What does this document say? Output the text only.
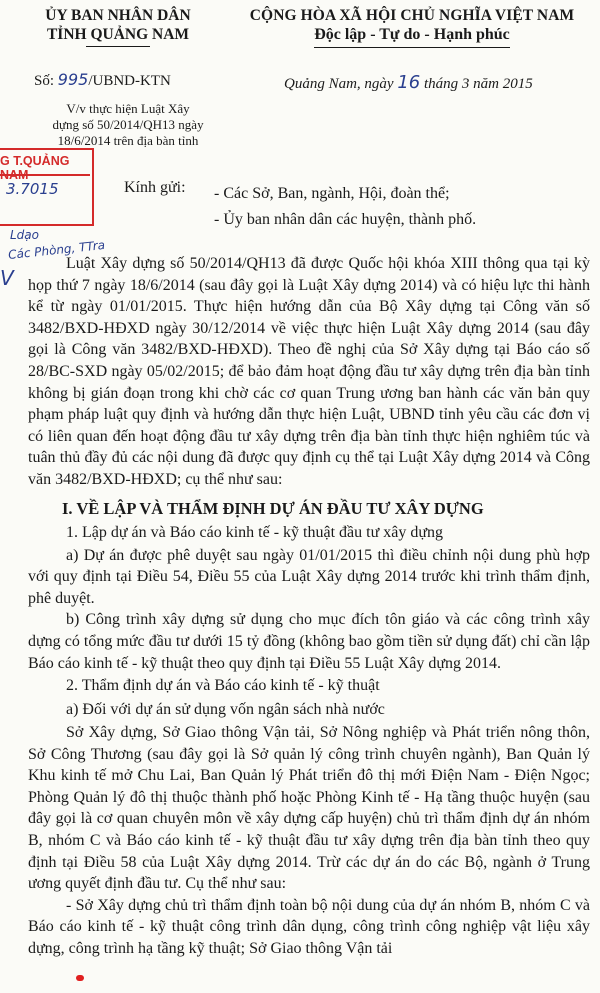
ỦY BAN NHÂN DÂN
TỈNH QUẢNG NAM
CỘNG HÒA XÃ HỘI CHỦ NGHĨA VIỆT NAM
Độc lập - Tự do - Hạnh phúc
Số: 995/UBND-KTN	Quảng Nam, ngày 16 tháng 3 năm 2015
V/v thực hiện Luật Xây
dựng số 50/2014/QH13 ngày
18/6/2014 trên địa bàn tỉnh
G T.QUẢNG
3.7015
Ldạo
Các Phòng, TTra
V
Kính gửi: - Các Sở, Ban, ngành, Hội, đoàn thể;
- Ủy ban nhân dân các huyện, thành phố.

Luật Xây dựng số 50/2014/QH13 đã được Quốc hội khóa XIII thông qua tại kỳ họp thứ 7 ngày 18/6/2014 (sau đây gọi là Luật Xây dựng 2014) và có hiệu lực thi hành kể từ ngày 01/01/2015. Thực hiện hướng dẫn của Bộ Xây dựng tại Công văn số 3482/BXD-HĐXD ngày 30/12/2014 về việc thực hiện Luật Xây dựng 2014 (sau đây gọi là Công văn 3482/BXD-HĐXD). Theo đề nghị của Sở Xây dựng tại Báo cáo số 28/BC-SXD ngày 05/02/2015; để bảo đảm hoạt động đầu tư xây dựng trên địa bàn tỉnh không bị gián đoạn trong khi chờ các cơ quan Trung ương ban hành các văn bản quy phạm pháp luật quy định và hướng dẫn thực hiện Luật, UBND tỉnh yêu cầu các đơn vị có liên quan đến hoạt động đầu tư xây dựng trên địa bàn tỉnh thực hiện nghiêm túc và tuân thủ đầy đủ các nội dung đã được quy định cụ thể tại Luật Xây dựng 2014 và Công văn 3482/BXD-HĐXD; cụ thể như sau:

I. VỀ LẬP VÀ THẨM ĐỊNH DỰ ÁN ĐẦU TƯ XÂY DỰNG

1. Lập dự án và Báo cáo kinh tế - kỹ thuật đầu tư xây dựng

a) Dự án được phê duyệt sau ngày 01/01/2015 thì điều chỉnh nội dung phù hợp với quy định tại Điều 54, Điều 55 của Luật Xây dựng 2014 trước khi trình thẩm định, phê duyệt.

b) Công trình xây dựng sử dụng cho mục đích tôn giáo và các công trình xây dựng có tổng mức đầu tư dưới 15 tỷ đồng (không bao gồm tiền sử dụng đất) chỉ cần lập Báo cáo kinh tế - kỹ thuật theo quy định tại Điều 55 Luật Xây dựng 2014.

2. Thẩm định dự án và Báo cáo kinh tế - kỹ thuật

a) Đối với dự án sử dụng vốn ngân sách nhà nước

Sở Xây dựng, Sở Giao thông Vận tải, Sở Nông nghiệp và Phát triển nông thôn, Sở Công Thương (sau đây gọi là Sở quản lý công trình chuyên ngành), Ban Quản lý Khu kinh tế mở Chu Lai, Ban Quản lý Phát triển đô thị mới Điện Nam - Điện Ngọc; Phòng Quản lý đô thị thuộc thành phố hoặc Phòng Kinh tế - Hạ tầng thuộc huyện (sau đây gọi là cơ quan chuyên môn về xây dựng cấp huyện) chủ trì thẩm định dự án nhóm B, nhóm C và Báo cáo kinh tế - kỹ thuật đầu tư xây dựng trên địa bàn tỉnh theo quy định tại Điều 58 của Luật Xây dựng 2014. Trừ các dự án do các Bộ, ngành ở Trung ương quyết định đầu tư. Cụ thể như sau:

- Sở Xây dựng chủ trì thẩm định toàn bộ nội dung của dự án nhóm B, nhóm C và Báo cáo kinh tế - kỹ thuật công trình dân dụng, công trình công nghiệp vật liệu xây dựng, công trình hạ tầng kỹ thuật; Sở Giao thông Vận tải
